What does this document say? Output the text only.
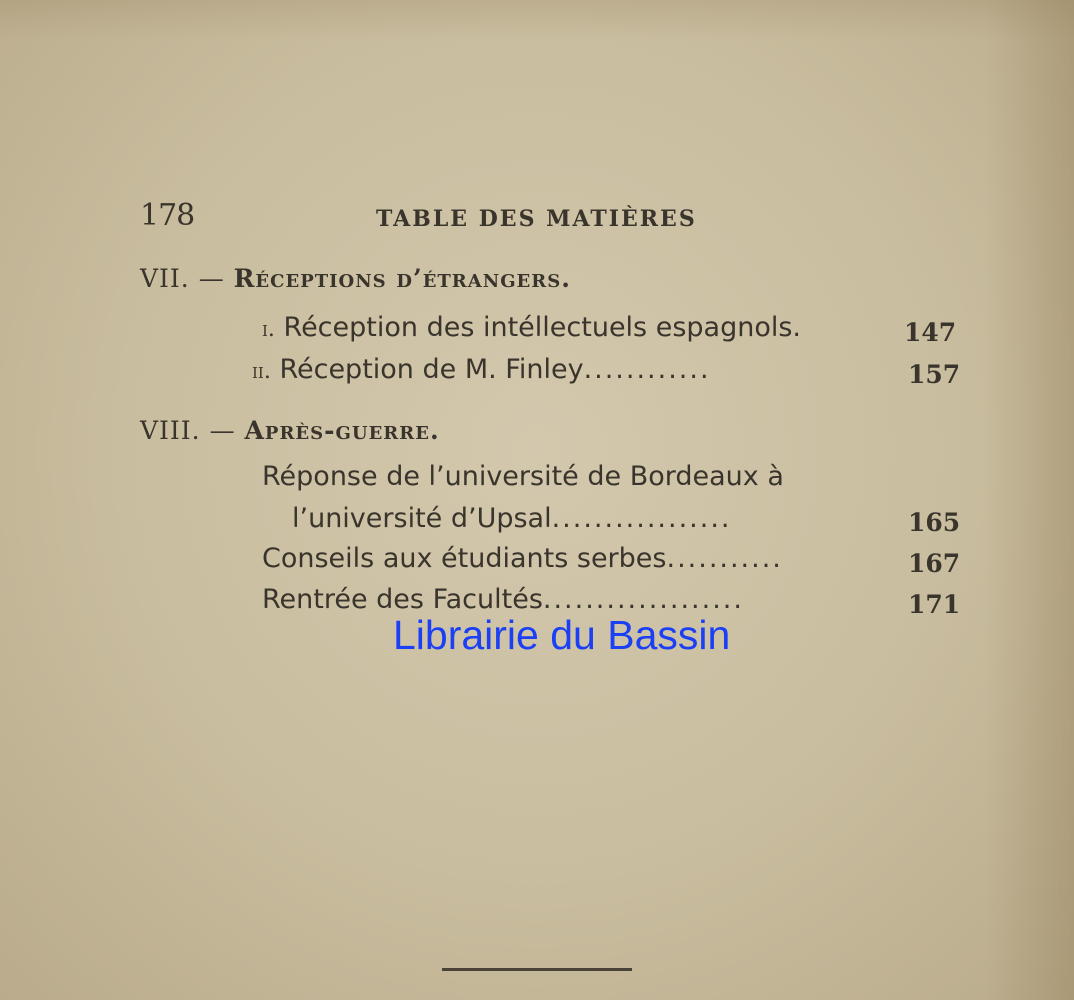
178	TABLE DES MATIÈRES
VII. — Réceptions d’étrangers.
i. Réception des intéllectuels espagnols.	147
ii. Réception de M. Finley............	157
VIII. — Après-guerre.
Réponse de l’université de Bordeaux à
l’université d’Upsal.................	165
Conseils aux étudiants serbes...........	167
Rentrée des Facultés...................	171
Librairie du Bassin
